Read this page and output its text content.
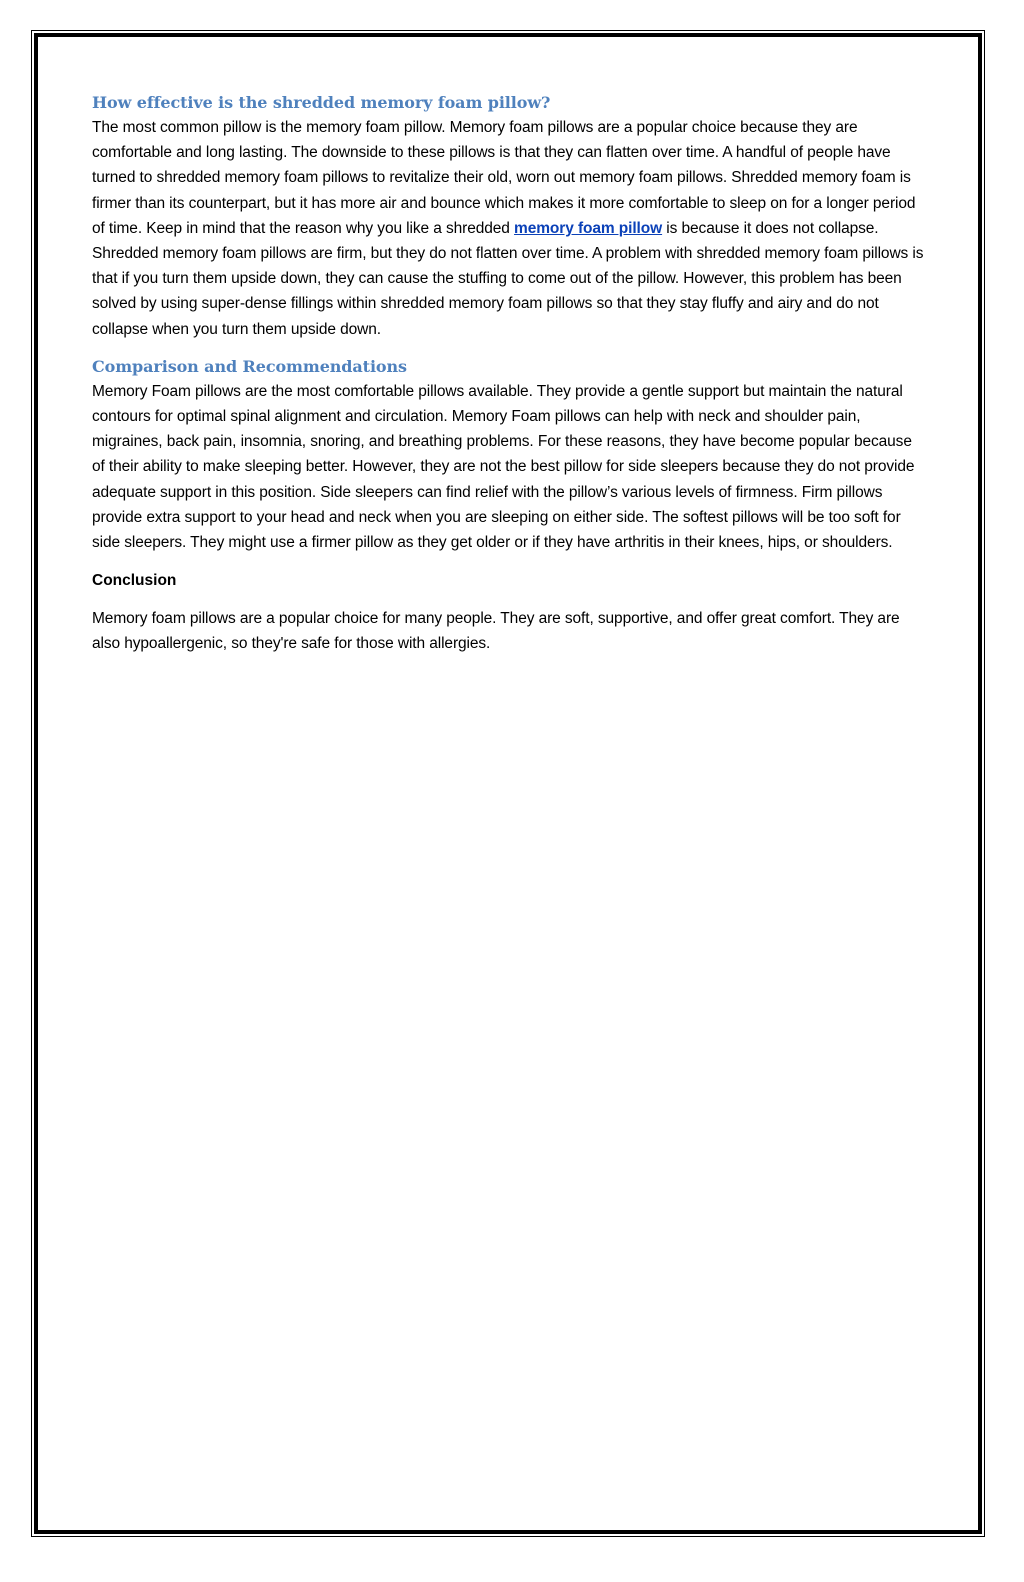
How effective is the shredded memory foam pillow?

The most common pillow is the memory foam pillow. Memory foam pillows are a popular choice because they are comfortable and long lasting. The downside to these pillows is that they can flatten over time. A handful of people have turned to shredded memory foam pillows to revitalize their old, worn out memory foam pillows. Shredded memory foam is firmer than its counterpart, but it has more air and bounce which makes it more comfortable to sleep on for a longer period of time. Keep in mind that the reason why you like a shredded memory foam pillow is because it does not collapse. Shredded memory foam pillows are firm, but they do not flatten over time. A problem with shredded memory foam pillows is that if you turn them upside down, they can cause the stuffing to come out of the pillow. However, this problem has been solved by using super-dense fillings within shredded memory foam pillows so that they stay fluffy and airy and do not collapse when you turn them upside down.

Comparison and Recommendations

Memory Foam pillows are the most comfortable pillows available. They provide a gentle support but maintain the natural contours for optimal spinal alignment and circulation. Memory Foam pillows can help with neck and shoulder pain, migraines, back pain, insomnia, snoring, and breathing problems. For these reasons, they have become popular because of their ability to make sleeping better. However, they are not the best pillow for side sleepers because they do not provide adequate support in this position. Side sleepers can find relief with the pillow’s various levels of firmness. Firm pillows provide extra support to your head and neck when you are sleeping on either side. The softest pillows will be too soft for side sleepers. They might use a firmer pillow as they get older or if they have arthritis in their knees, hips, or shoulders.

Conclusion

Memory foam pillows are a popular choice for many people. They are soft, supportive, and offer great comfort. They are also hypoallergenic, so they're safe for those with allergies.
